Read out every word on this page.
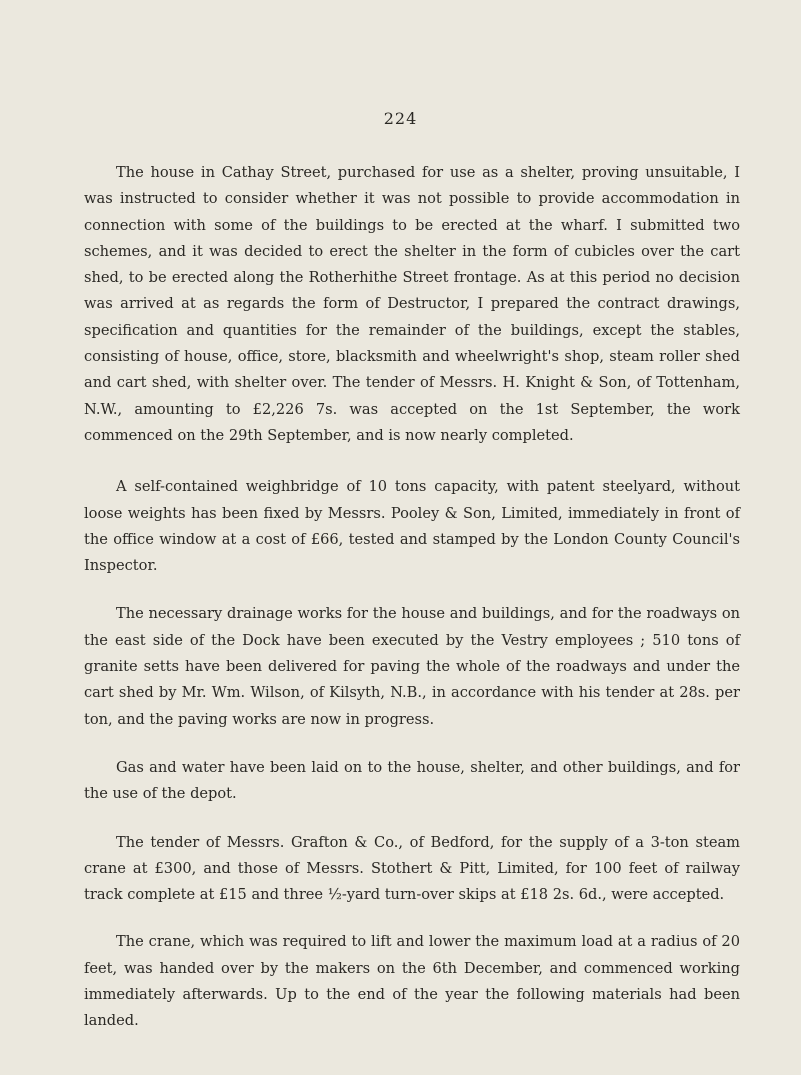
224

The house in Cathay Street, purchased for use as a shelter, proving unsuitable, I was instructed to consider whether it was not possible to provide accommodation in connection with some of the buildings to be erected at the wharf. I submitted two schemes, and it was decided to erect the shelter in the form of cubicles over the cart shed, to be erected along the Rotherhithe Street frontage. As at this period no decision was arrived at as regards the form of Destructor, I prepared the contract drawings, specification and quantities for the remainder of the buildings, except the stables, consisting of house, office, store, blacksmith and wheelwright's shop, steam roller shed and cart shed, with shelter over. The tender of Messrs. H. Knight & Son, of Tottenham, N.W., amounting to £2,226 7s. was accepted on the 1st September, the work commenced on the 29th September, and is now nearly completed.

A self-contained weighbridge of 10 tons capacity, with patent steelyard, without loose weights has been fixed by Messrs. Pooley & Son, Limited, immediately in front of the office window at a cost of £66, tested and stamped by the London County Council's Inspector.

The necessary drainage works for the house and buildings, and for the roadways on the east side of the Dock have been executed by the Vestry employees ; 510 tons of granite setts have been delivered for paving the whole of the roadways and under the cart shed by Mr. Wm. Wilson, of Kilsyth, N.B., in accordance with his tender at 28s. per ton, and the paving works are now in progress.

Gas and water have been laid on to the house, shelter, and other buildings, and for the use of the depot.

The tender of Messrs. Grafton & Co., of Bedford, for the supply of a 3-ton steam crane at £300, and those of Messrs. Stothert & Pitt, Limited, for 100 feet of railway track complete at £15 and three ½-yard turn-over skips at £18 2s. 6d., were accepted.

The crane, which was required to lift and lower the maximum load at a radius of 20 feet, was handed over by the makers on the 6th December, and commenced working immediately afterwards. Up to the end of the year the following materials had been landed.
